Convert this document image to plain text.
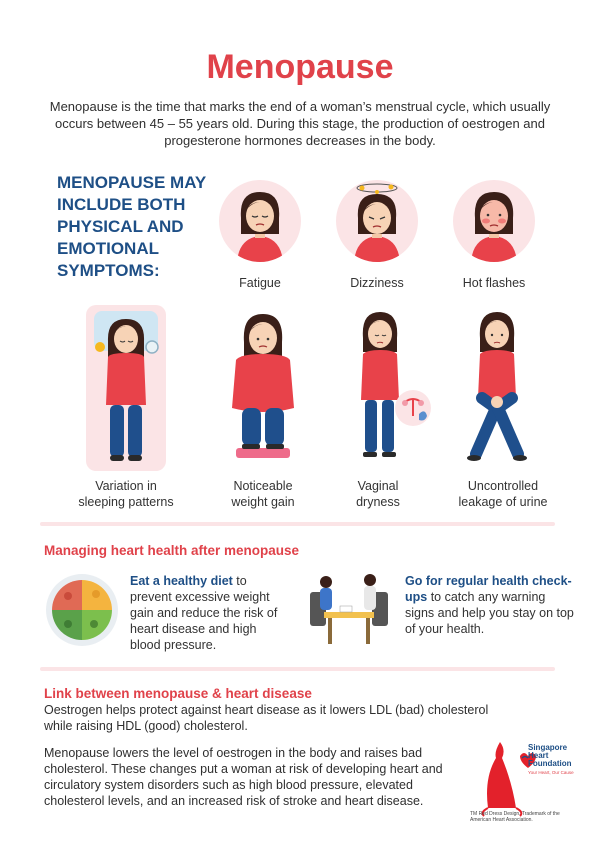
Menopause
Menopause is the time that marks the end of a woman’s menstrual cycle, which usually occurs between 45 – 55 years old. During this stage, the production of oestrogen and progesterone hormones decreases in the body.
MENOPAUSE MAY INCLUDE BOTH PHYSICAL AND EMOTIONAL SYMPTOMS:
Fatigue	Dizziness	Hot flashes
Variation in
sleeping patterns
Noticeable
weight gain
Vaginal
dryness
Uncontrolled
leakage of urine
Managing heart health after menopause
Eat a healthy diet to prevent excessive weight gain and reduce the risk of heart disease and high blood pressure.
Go for regular health check-ups to catch any warning signs and help you stay on top of your health.
Link between menopause & heart disease
Oestrogen helps protect against heart disease as it lowers LDL (bad) cholesterol while raising HDL (good) cholesterol.
Menopause lowers the level of oestrogen in the body and raises bad cholesterol. These changes put a woman at risk of developing heart and circulatory system disorders such as high blood pressure, elevated cholesterol levels, and an increased risk of stroke and heart disease.
Singapore
Heart
Foundation
Your Heart, Our Cause
TM Red Dress Design. Trademark of the American Heart Association.
